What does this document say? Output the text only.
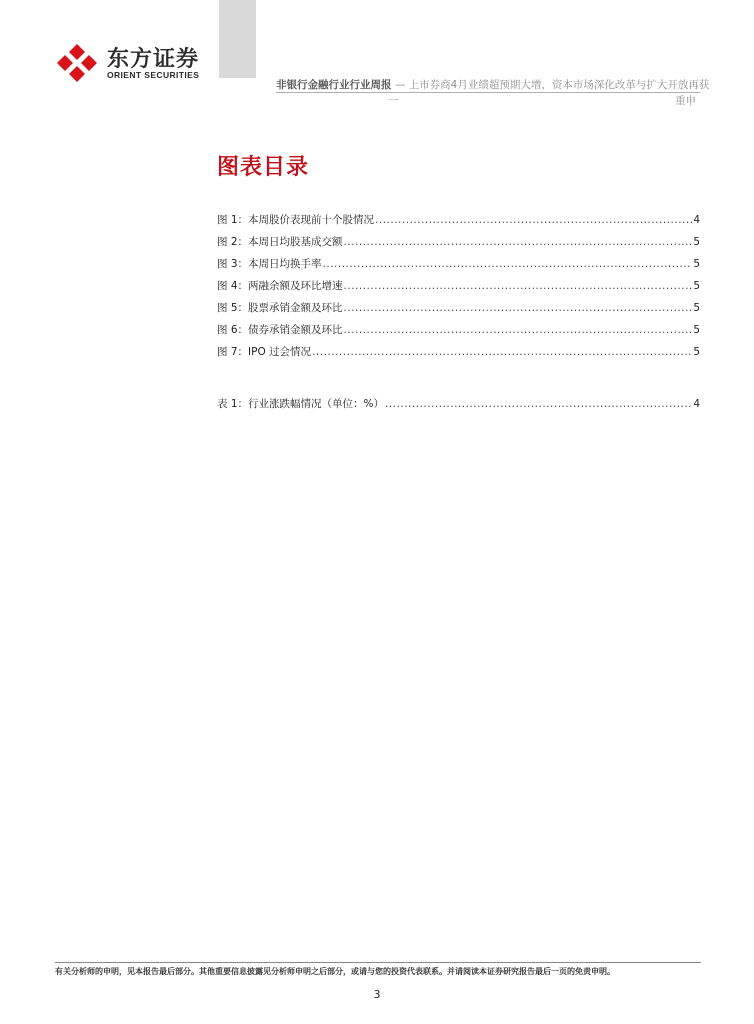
东方证券
ORIENT SECURITIES
非银行金融行业行业周报 — 上市券商4月业绩超预期大增，资本市场深化改革与扩大开放再获
一	重申
图表目录
图 1：本周股价表现前十个股情况 .....	4
图 2：本周日均股基成交额 .....	5
图 3：本周日均换手率 .....	5
图 4：两融余额及环比增速 .....	5
图 5：股票承销金额及环比 .....	5
图 6：债券承销金额及环比 .....	5
图 7：IPO 过会情况 .....	5
表 1：行业涨跌幅情况（单位：%） .....	4
有关分析师的申明，见本报告最后部分。其他重要信息披露见分析师申明之后部分，或请与您的投资代表联系。并请阅读本证券研究报告最后一页的免责申明。
3
